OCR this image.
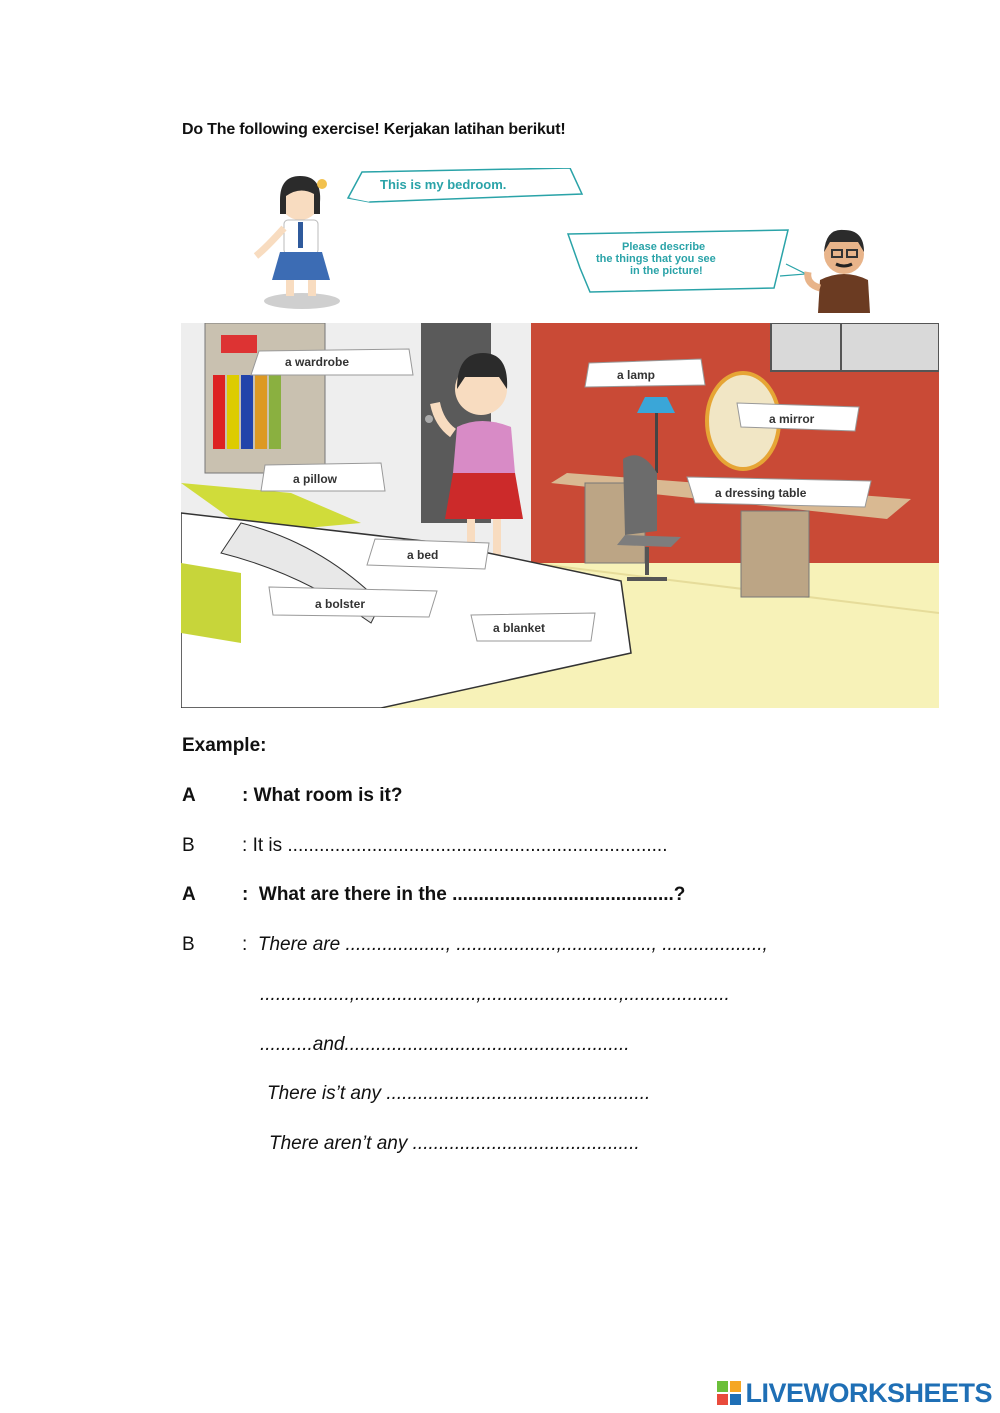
Do The following exercise! Kerjakan latihan berikut!
This is my bedroom.
Please describe
the things that you see
in the picture!
a wardrobe
a lamp
a mirror
a pillow
a dressing table
a bed
a bolster
a blanket
Example:
A : What room is it?
B : It is ........................................................................
A : What are there in the ..........................................?
B : There are ..................., ...................,................., ...................,
.................,.......................,..........................,....................
..........and......................................................
There is’t any ..................................................
There aren’t any ...........................................
LIVEWORKSHEETS
